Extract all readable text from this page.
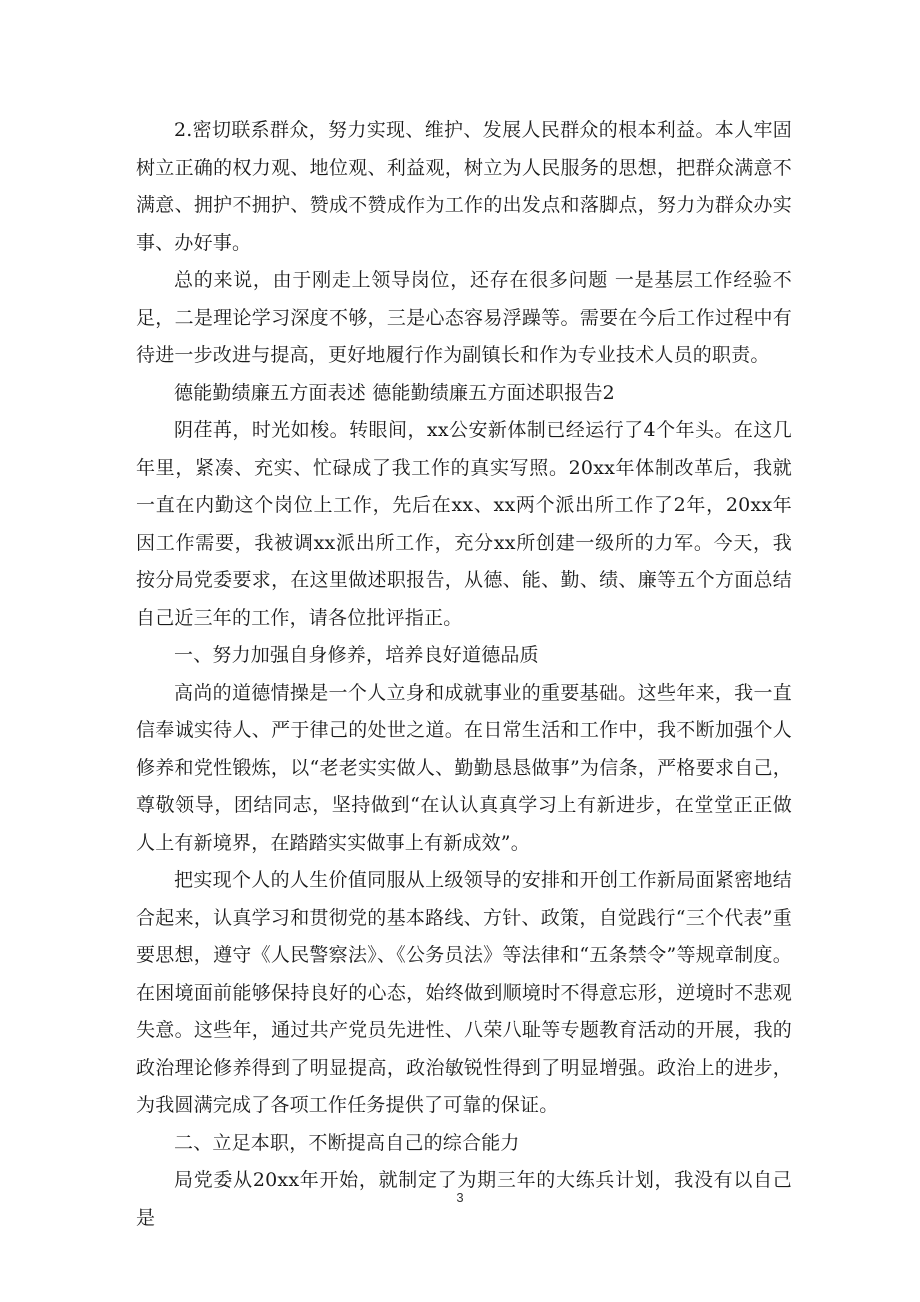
2.密切联系群众，努力实现、维护、发展人民群众的根本利益。本人牢固树立正确的权力观、地位观、利益观，树立为人民服务的思想，把群众满意不满意、拥护不拥护、赞成不赞成作为工作的出发点和落脚点，努力为群众办实事、办好事。

总的来说，由于刚走上领导岗位，还存在很多问题 一是基层工作经验不足，二是理论学习深度不够，三是心态容易浮躁等。需要在今后工作过程中有待进一步改进与提高，更好地履行作为副镇长和作为专业技术人员的职责。

德能勤绩廉五方面表述 德能勤绩廉五方面述职报告2

阴荏苒，时光如梭。转眼间，xx公安新体制已经运行了4个年头。在这几年里，紧凑、充实、忙碌成了我工作的真实写照。20xx年体制改革后，我就一直在内勤这个岗位上工作，先后在xx、xx两个派出所工作了2年，20xx年因工作需要，我被调xx派出所工作，充分xx所创建一级所的力军。今天，我按分局党委要求，在这里做述职报告，从德、能、勤、绩、廉等五个方面总结自己近三年的工作，请各位批评指正。

一、努力加强自身修养，培养良好道德品质

高尚的道德情操是一个人立身和成就事业的重要基础。这些年来，我一直信奉诚实待人、严于律己的处世之道。在日常生活和工作中，我不断加强个人修养和党性锻炼，以“老老实实做人、勤勤恳恳做事”为信条，严格要求自己，尊敬领导，团结同志，坚持做到“在认认真真学习上有新进步，在堂堂正正做人上有新境界，在踏踏实实做事上有新成效”。

把实现个人的人生价值同服从上级领导的安排和开创工作新局面紧密地结合起来，认真学习和贯彻党的基本路线、方针、政策，自觉践行“三个代表”重要思想，遵守《人民警察法》、《公务员法》等法律和“五条禁令”等规章制度。在困境面前能够保持良好的心态，始终做到顺境时不得意忘形，逆境时不悲观失意。这些年，通过共产党员先进性、八荣八耻等专题教育活动的开展，我的政治理论修养得到了明显提高，政治敏锐性得到了明显增强。政治上的进步，为我圆满完成了各项工作任务提供了可靠的保证。

二、立足本职，不断提高自己的综合能力

局党委从20xx年开始，就制定了为期三年的大练兵计划，我没有以自己是

3
